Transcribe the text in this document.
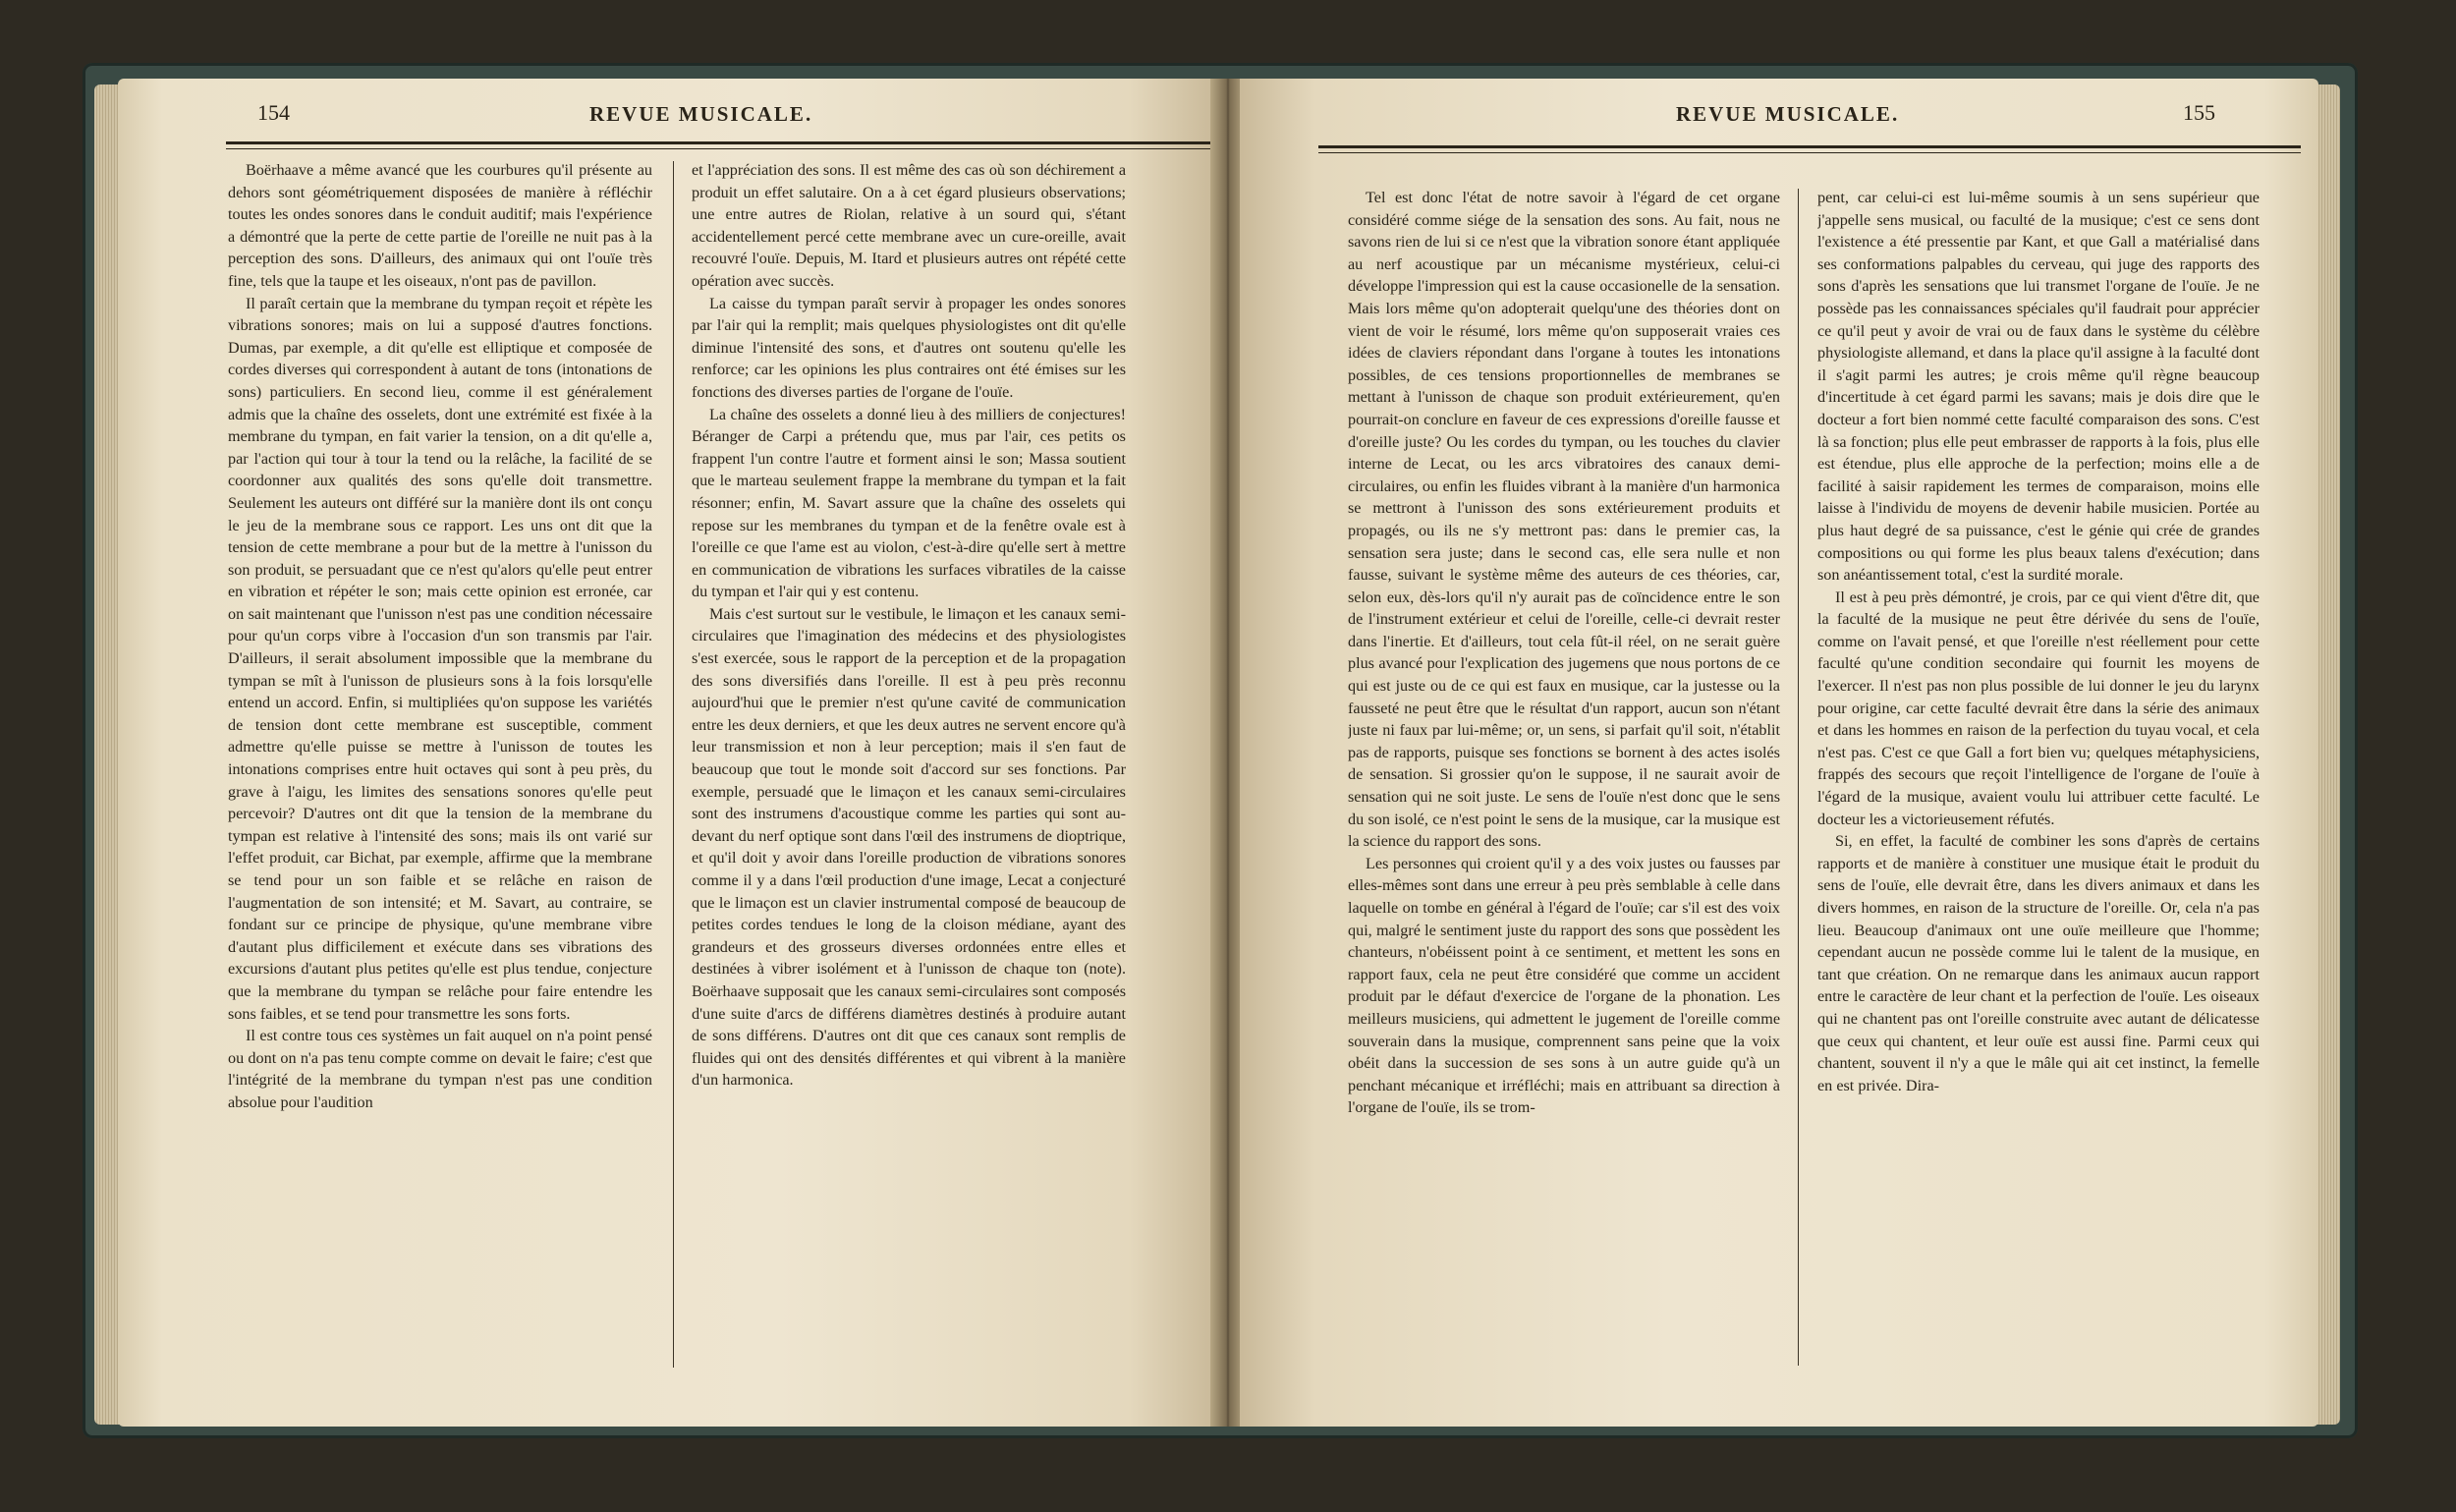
154	REVUE MUSICALE.

Boërhaave a même avancé que les courbures qu'il présente au dehors sont géométriquement disposées de manière à réfléchir toutes les ondes sonores dans le conduit auditif; mais l'expérience a démontré que la perte de cette partie de l'oreille ne nuit pas à la perception des sons. D'ailleurs, des animaux qui ont l'ouïe très fine, tels que la taupe et les oiseaux, n'ont pas de pavillon.

Il paraît certain que la membrane du tympan reçoit et répète les vibrations sonores; mais on lui a supposé d'autres fonctions. Dumas, par exemple, a dit qu'elle est elliptique et composée de cordes diverses qui correspondent à autant de tons (intonations de sons) particuliers. En second lieu, comme il est généralement admis que la chaîne des osselets, dont une extrémité est fixée à la membrane du tympan, en fait varier la tension, on a dit qu'elle a, par l'action qui tour à tour la tend ou la relâche, la facilité de se coordonner aux qualités des sons qu'elle doit transmettre. Seulement les auteurs ont différé sur la manière dont ils ont conçu le jeu de la membrane sous ce rapport. Les uns ont dit que la tension de cette membrane a pour but de la mettre à l'unisson du son produit, se persuadant que ce n'est qu'alors qu'elle peut entrer en vibration et répéter le son; mais cette opinion est erronée, car on sait maintenant que l'unisson n'est pas une condition nécessaire pour qu'un corps vibre à l'occasion d'un son transmis par l'air. D'ailleurs, il serait absolument impossible que la membrane du tympan se mît à l'unisson de plusieurs sons à la fois lorsqu'elle entend un accord. Enfin, si multipliées qu'on suppose les variétés de tension dont cette membrane est susceptible, comment admettre qu'elle puisse se mettre à l'unisson de toutes les intonations comprises entre huit octaves qui sont à peu près, du grave à l'aigu, les limites des sensations sonores qu'elle peut percevoir? D'autres ont dit que la tension de la membrane du tympan est relative à l'intensité des sons; mais ils ont varié sur l'effet produit, car Bichat, par exemple, affirme que la membrane se tend pour un son faible et se relâche en raison de l'augmentation de son intensité; et M. Savart, au contraire, se fondant sur ce principe de physique, qu'une membrane vibre d'autant plus difficilement et exécute dans ses vibrations des excursions d'autant plus petites qu'elle est plus tendue, conjecture que la membrane du tympan se relâche pour faire entendre les sons faibles, et se tend pour transmettre les sons forts.

Il est contre tous ces systèmes un fait auquel on n'a point pensé ou dont on n'a pas tenu compte comme on devait le faire; c'est que l'intégrité de la membrane du tympan n'est pas une condition absolue pour l'audition

et l'appréciation des sons. Il est même des cas où son déchirement a produit un effet salutaire. On a à cet égard plusieurs observations; une entre autres de Riolan, relative à un sourd qui, s'étant accidentellement percé cette membrane avec un cure-oreille, avait recouvré l'ouïe. Depuis, M. Itard et plusieurs autres ont répété cette opération avec succès.

La caisse du tympan paraît servir à propager les ondes sonores par l'air qui la remplit; mais quelques physiologistes ont dit qu'elle diminue l'intensité des sons, et d'autres ont soutenu qu'elle les renforce; car les opinions les plus contraires ont été émises sur les fonctions des diverses parties de l'organe de l'ouïe.

La chaîne des osselets a donné lieu à des milliers de conjectures! Béranger de Carpi a prétendu que, mus par l'air, ces petits os frappent l'un contre l'autre et forment ainsi le son; Massa soutient que le marteau seulement frappe la membrane du tympan et la fait résonner; enfin, M. Savart assure que la chaîne des osselets qui repose sur les membranes du tympan et de la fenêtre ovale est à l'oreille ce que l'ame est au violon, c'est-à-dire qu'elle sert à mettre en communication de vibrations les surfaces vibratiles de la caisse du tympan et l'air qui y est contenu.

Mais c'est surtout sur le vestibule, le limaçon et les canaux semi-circulaires que l'imagination des médecins et des physiologistes s'est exercée, sous le rapport de la perception et de la propagation des sons diversifiés dans l'oreille. Il est à peu près reconnu aujourd'hui que le premier n'est qu'une cavité de communication entre les deux derniers, et que les deux autres ne servent encore qu'à leur transmission et non à leur perception; mais il s'en faut de beaucoup que tout le monde soit d'accord sur ses fonctions. Par exemple, persuadé que le limaçon et les canaux semi-circulaires sont des instrumens d'acoustique comme les parties qui sont au-devant du nerf optique sont dans l'œil des instrumens de dioptrique, et qu'il doit y avoir dans l'oreille production de vibrations sonores comme il y a dans l'œil production d'une image, Lecat a conjecturé que le limaçon est un clavier instrumental composé de beaucoup de petites cordes tendues le long de la cloison médiane, ayant des grandeurs et des grosseurs diverses ordonnées entre elles et destinées à vibrer isolément et à l'unisson de chaque ton (note). Boërhaave supposait que les canaux semi-circulaires sont composés d'une suite d'arcs de différens diamètres destinés à produire autant de sons différens. D'autres ont dit que ces canaux sont remplis de fluides qui ont des densités différentes et qui vibrent à la manière d'un harmonica.

REVUE MUSICALE.	155

Tel est donc l'état de notre savoir à l'égard de cet organe considéré comme siége de la sensation des sons. Au fait, nous ne savons rien de lui si ce n'est que la vibration sonore étant appliquée au nerf acoustique par un mécanisme mystérieux, celui-ci développe l'impression qui est la cause occasionelle de la sensation. Mais lors même qu'on adopterait quelqu'une des théories dont on vient de voir le résumé, lors même qu'on supposerait vraies ces idées de claviers répondant dans l'organe à toutes les intonations possibles, de ces tensions proportionnelles de membranes se mettant à l'unisson de chaque son produit extérieurement, qu'en pourrait-on conclure en faveur de ces expressions d'oreille fausse et d'oreille juste? Ou les cordes du tympan, ou les touches du clavier interne de Lecat, ou les arcs vibratoires des canaux demi-circulaires, ou enfin les fluides vibrant à la manière d'un harmonica se mettront à l'unisson des sons extérieurement produits et propagés, ou ils ne s'y mettront pas: dans le premier cas, la sensation sera juste; dans le second cas, elle sera nulle et non fausse, suivant le système même des auteurs de ces théories, car, selon eux, dès-lors qu'il n'y aurait pas de coïncidence entre le son de l'instrument extérieur et celui de l'oreille, celle-ci devrait rester dans l'inertie. Et d'ailleurs, tout cela fût-il réel, on ne serait guère plus avancé pour l'explication des jugemens que nous portons de ce qui est juste ou de ce qui est faux en musique, car la justesse ou la fausseté ne peut être que le résultat d'un rapport, aucun son n'étant juste ni faux par lui-même; or, un sens, si parfait qu'il soit, n'établit pas de rapports, puisque ses fonctions se bornent à des actes isolés de sensation. Si grossier qu'on le suppose, il ne saurait avoir de sensation qui ne soit juste. Le sens de l'ouïe n'est donc que le sens du son isolé, ce n'est point le sens de la musique, car la musique est la science du rapport des sons.

Les personnes qui croient qu'il y a des voix justes ou fausses par elles-mêmes sont dans une erreur à peu près semblable à celle dans laquelle on tombe en général à l'égard de l'ouïe; car s'il est des voix qui, malgré le sentiment juste du rapport des sons que possèdent les chanteurs, n'obéissent point à ce sentiment, et mettent les sons en rapport faux, cela ne peut être considéré que comme un accident produit par le défaut d'exercice de l'organe de la phonation. Les meilleurs musiciens, qui admettent le jugement de l'oreille comme souverain dans la musique, comprennent sans peine que la voix obéit dans la succession de ses sons à un autre guide qu'à un penchant mécanique et irréfléchi; mais en attribuant sa direction à l'organe de l'ouïe, ils se trom-

pent, car celui-ci est lui-même soumis à un sens supérieur que j'appelle sens musical, ou faculté de la musique; c'est ce sens dont l'existence a été pressentie par Kant, et que Gall a matérialisé dans ses conformations palpables du cerveau, qui juge des rapports des sons d'après les sensations que lui transmet l'organe de l'ouïe. Je ne possède pas les connaissances spéciales qu'il faudrait pour apprécier ce qu'il peut y avoir de vrai ou de faux dans le système du célèbre physiologiste allemand, et dans la place qu'il assigne à la faculté dont il s'agit parmi les autres; je crois même qu'il règne beaucoup d'incertitude à cet égard parmi les savans; mais je dois dire que le docteur a fort bien nommé cette faculté comparaison des sons. C'est là sa fonction; plus elle peut embrasser de rapports à la fois, plus elle est étendue, plus elle approche de la perfection; moins elle a de facilité à saisir rapidement les termes de comparaison, moins elle laisse à l'individu de moyens de devenir habile musicien. Portée au plus haut degré de sa puissance, c'est le génie qui crée de grandes compositions ou qui forme les plus beaux talens d'exécution; dans son anéantissement total, c'est la surdité morale.

Il est à peu près démontré, je crois, par ce qui vient d'être dit, que la faculté de la musique ne peut être dérivée du sens de l'ouïe, comme on l'avait pensé, et que l'oreille n'est réellement pour cette faculté qu'une condition secondaire qui fournit les moyens de l'exercer. Il n'est pas non plus possible de lui donner le jeu du larynx pour origine, car cette faculté devrait être dans la série des animaux et dans les hommes en raison de la perfection du tuyau vocal, et cela n'est pas. C'est ce que Gall a fort bien vu; quelques métaphysiciens, frappés des secours que reçoit l'intelligence de l'organe de l'ouïe à l'égard de la musique, avaient voulu lui attribuer cette faculté. Le docteur les a victorieusement réfutés.

Si, en effet, la faculté de combiner les sons d'après de certains rapports et de manière à constituer une musique était le produit du sens de l'ouïe, elle devrait être, dans les divers animaux et dans les divers hommes, en raison de la structure de l'oreille. Or, cela n'a pas lieu. Beaucoup d'animaux ont une ouïe meilleure que l'homme; cependant aucun ne possède comme lui le talent de la musique, en tant que création. On ne remarque dans les animaux aucun rapport entre le caractère de leur chant et la perfection de l'ouïe. Les oiseaux qui ne chantent pas ont l'oreille construite avec autant de délicatesse que ceux qui chantent, et leur ouïe est aussi fine. Parmi ceux qui chantent, souvent il n'y a que le mâle qui ait cet instinct, la femelle en est privée. Dira-
